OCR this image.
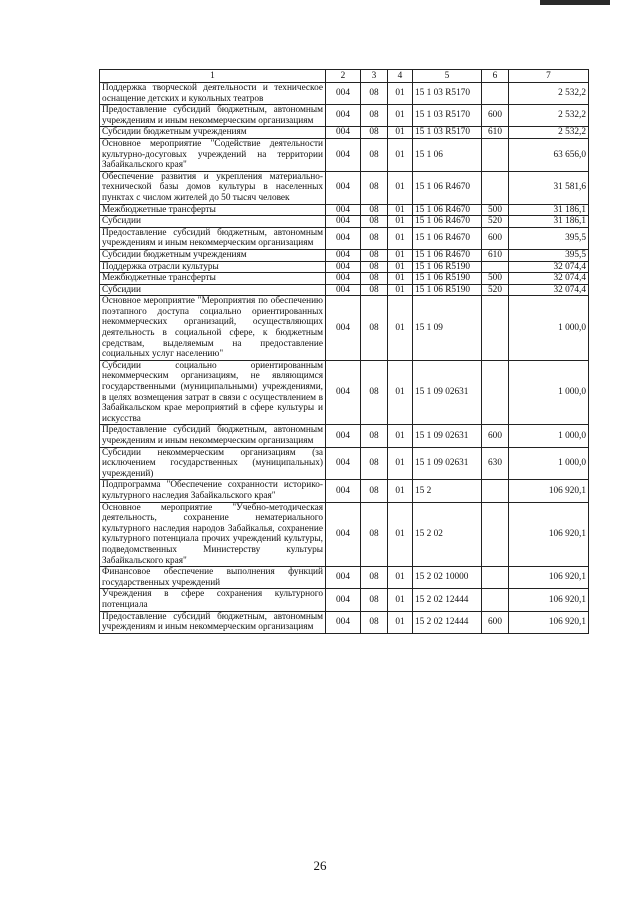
1	2	3	4	5	6	7
Поддержка творческой деятельности и техническое оснащение детских и кукольных театров	004	08	01	15 1 03 R5170		2 532,2
Предоставление субсидий бюджетным, автономным учреждениям и иным некоммерческим организациям	004	08	01	15 1 03 R5170	600	2 532,2
Субсидии бюджетным учреждениям	004	08	01	15 1 03 R5170	610	2 532,2
Основное мероприятие "Содействие деятельности культурно-досуговых учреждений на территории Забайкальского края"	004	08	01	15 1 06		63 656,0
Обеспечение развития и укрепления материально-технической базы домов культуры в населенных пунктах с числом жителей до 50 тысяч человек	004	08	01	15 1 06 R4670		31 581,6
Межбюджетные трансферты	004	08	01	15 1 06 R4670	500	31 186,1
Субсидии	004	08	01	15 1 06 R4670	520	31 186,1
Предоставление субсидий бюджетным, автономным учреждениям и иным некоммерческим организациям	004	08	01	15 1 06 R4670	600	395,5
Субсидии бюджетным учреждениям	004	08	01	15 1 06 R4670	610	395,5
Поддержка отрасли культуры	004	08	01	15 1 06 R5190		32 074,4
Межбюджетные трансферты	004	08	01	15 1 06 R5190	500	32 074,4
Субсидии	004	08	01	15 1 06 R5190	520	32 074,4
Основное мероприятие "Мероприятия по обеспечению поэтапного доступа социально ориентированных некоммерческих организаций, осуществляющих деятельность в социальной сфере, к бюджетным средствам, выделяемым на предоставление социальных услуг населению"	004	08	01	15 1 09		1 000,0
Субсидии социально ориентированным некоммерческим организациям, не являющимся государственными (муниципальными) учреждениями, в целях возмещения затрат в связи с осуществлением в Забайкальском крае мероприятий в сфере культуры и искусства	004	08	01	15 1 09 02631		1 000,0
Предоставление субсидий бюджетным, автономным учреждениям и иным некоммерческим организациям	004	08	01	15 1 09 02631	600	1 000,0
Субсидии некоммерческим организациям (за исключением государственных (муниципальных) учреждений)	004	08	01	15 1 09 02631	630	1 000,0
Подпрограмма "Обеспечение сохранности историко-культурного наследия Забайкальского края"	004	08	01	15 2		106 920,1
Основное мероприятие "Учебно-методическая деятельность, сохранение нематериального культурного наследия народов Забайкалья, сохранение культурного потенциала прочих учреждений культуры, подведомственных Министерству культуры Забайкальского края"	004	08	01	15 2 02		106 920,1
Финансовое обеспечение выполнения функций государственных учреждений	004	08	01	15 2 02 10000		106 920,1
Учреждения в сфере сохранения культурного потенциала	004	08	01	15 2 02 12444		106 920,1
Предоставление субсидий бюджетным, автономным учреждениям и иным некоммерческим организациям	004	08	01	15 2 02 12444	600	106 920,1
26
